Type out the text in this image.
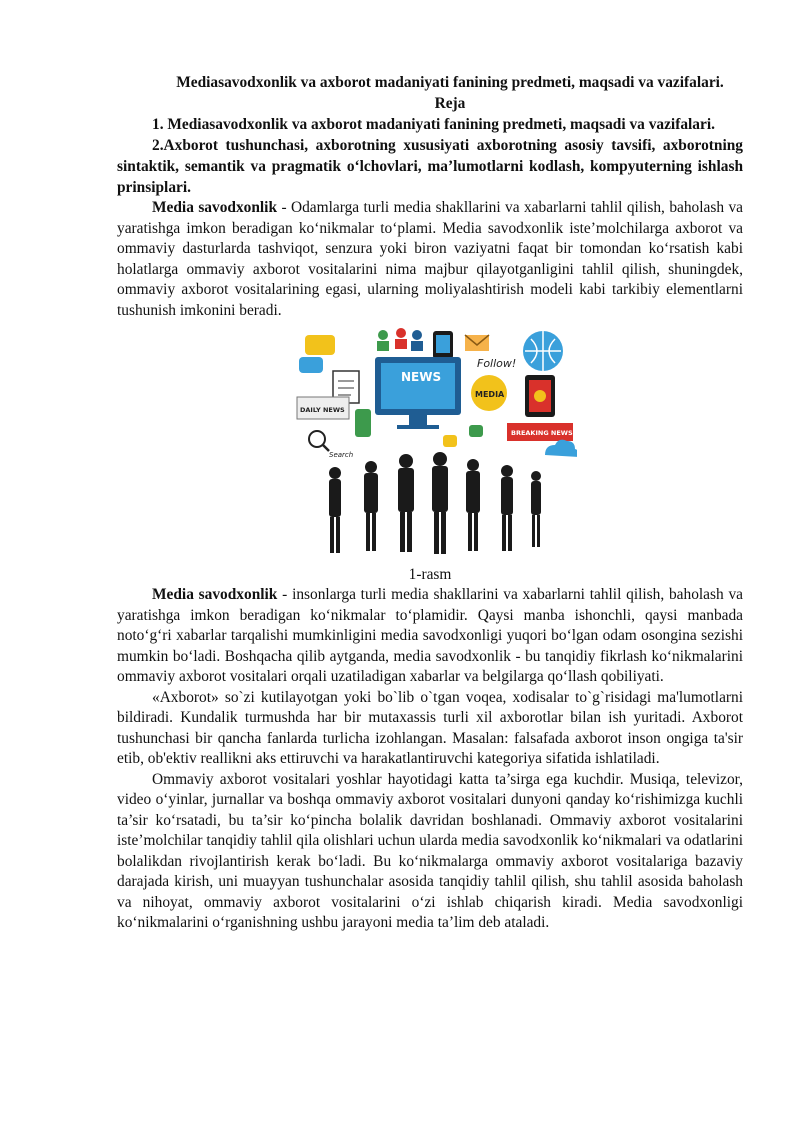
Mediasavodxonlik va axborot madaniyati fanining predmeti, maqsadi va vazifalari.
Reja

1. Mediasavodxonlik va axborot madaniyati fanining predmeti, maqsadi va vazifalari.

2.Axborot tushunchasi, axborotning xususiyati axborotning asosiy tavsifi, axborotning sintaktik, semantik va pragmatik o‘lchovlari, ma’lumotlarni kodlash, kompyuterning ishlash prinsiplari.

Media savodxonlik - Odamlarga turli media shakllarini va xabarlarni tahlil qilish, baholash va yaratishga imkon beradigan ko‘nikmalar to‘plami. Media savodxonlik iste’molchilarga axborot va ommaviy dasturlarda tashviqot, senzura yoki biron vaziyatni faqat bir tomondan ko‘rsatish kabi holatlarga ommaviy axborot vositalarini nima majbur qilayotganligini tahlil qilish, shuningdek, ommaviy axborot vositalarining egasi, ularning moliyalashtirish modeli kabi tarkibiy elementlarni tushunish imkonini beradi.

Follow!
NEWS
MEDIA
DAILY NEWS
BREAKING NEWS
Search
1-rasm

Media savodxonlik - insonlarga turli media shakllarini va xabarlarni tahlil qilish, baholash va yaratishga imkon beradigan ko‘nikmalar to‘plamidir. Qaysi manba ishonchli, qaysi manbada noto‘g‘ri xabarlar tarqalishi mumkinligini media savodxonligi yuqori bo‘lgan odam osongina sezishi mumkin bo‘ladi. Boshqacha qilib aytganda, media savodxonlik - bu tanqidiy fikrlash ko‘nikmalarini ommaviy axborot vositalari orqali uzatiladigan xabarlar va belgilarga qo‘llash qobiliyati.

«Axborot» so`zi kutilayotgan yoki bo`lib o`tgan voqea, xodisalar to`g`risidagi ma'lumotlarni bildiradi. Kundalik turmushda har bir mutaxassis turli xil axborotlar bilan ish yuritadi. Axborot tushunchasi bir qancha fanlarda turlicha izohlangan. Masalan: falsafada axborot inson ongiga ta'sir etib, ob'ektiv reallikni aks ettiruvchi va harakatlantiruvchi kategoriya sifatida ishlatiladi.

Ommaviy axborot vositalari yoshlar hayotidagi katta ta’sirga ega kuchdir. Musiqa, televizor, video o‘yinlar, jurnallar va boshqa ommaviy axborot vositalari dunyoni qanday ko‘rishimizga kuchli ta’sir ko‘rsatadi, bu ta’sir ko‘pincha bolalik davridan boshlanadi. Ommaviy axborot vositalarini iste’molchilar tanqidiy tahlil qila olishlari uchun ularda media savodxonlik ko‘nikmalari va odatlarini bolalikdan rivojlantirish kerak bo‘ladi. Bu ko‘nikmalarga ommaviy axborot vositalariga bazaviy darajada kirish, uni muayyan tushunchalar asosida tanqidiy tahlil qilish, shu tahlil asosida baholash va nihoyat, ommaviy axborot vositalarini o‘zi ishlab chiqarish kiradi. Media savodxonligi ko‘nikmalarini o‘rganishning ushbu jarayoni media ta’lim deb ataladi.
